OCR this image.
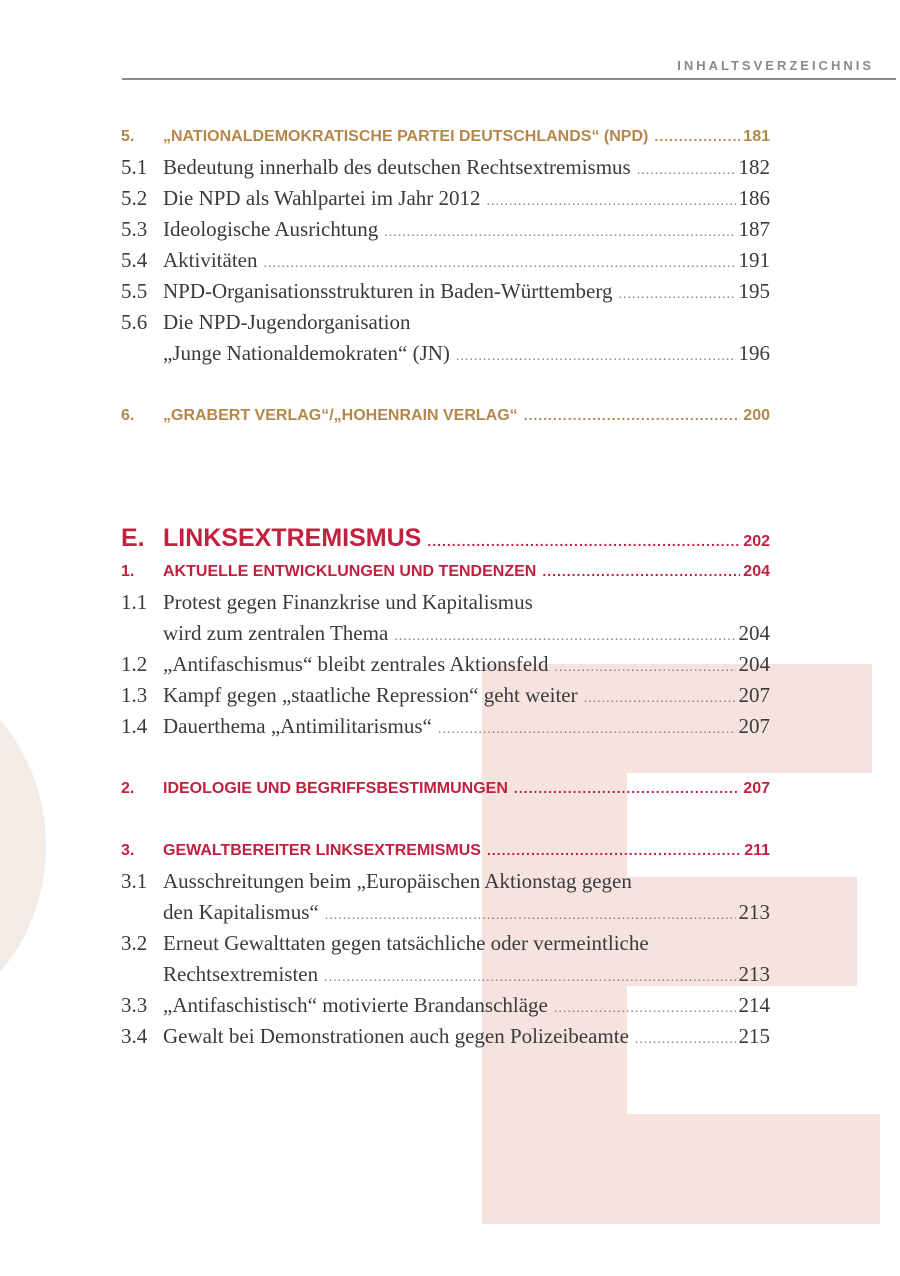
INHALTSVERZEICHNIS
5.	„NATIONALDEMOKRATISCHE PARTEI DEUTSCHLANDS“ (NPD) .....	181
5.1 Bedeutung innerhalb des deutschen Rechtsextremismus .....	182
5.2 Die NPD als Wahlpartei im Jahr 2012 .....	186
5.3 Ideologische Ausrichtung .....	187
5.4 Aktivitäten .....	191
5.5 NPD-Organisationsstrukturen in Baden-Württemberg .....	195
5.6 Die NPD-Jugendorganisation
„Junge Nationaldemokraten“ (JN) .....	196
6.	„GRABERT VERLAG“/„HOHENRAIN VERLAG“ .....	200
E. LINKSEXTREMISMUS .....	202
1.	AKTUELLE ENTWICKLUNGEN UND TENDENZEN .....	204
1.1 Protest gegen Finanzkrise und Kapitalismus
wird zum zentralen Thema .....	204
1.2 „Antifaschismus“ bleibt zentrales Aktionsfeld .....	204
1.3 Kampf gegen „staatliche Repression“ geht weiter .....	207
1.4 Dauerthema „Antimilitarismus“ .....	207
2.	IDEOLOGIE UND BEGRIFFSBESTIMMUNGEN .....	207
3.	GEWALTBEREITER LINKSEXTREMISMUS .....	211
3.1 Ausschreitungen beim „Europäischen Aktionstag gegen
den Kapitalismus“ .....	213
3.2 Erneut Gewalttaten gegen tatsächliche oder vermeintliche
Rechtsextremisten .....	213
3.3 „Antifaschistisch“ motivierte Brandanschläge .....	214
3.4 Gewalt bei Demonstrationen auch gegen Polizeibeamte .....	215
